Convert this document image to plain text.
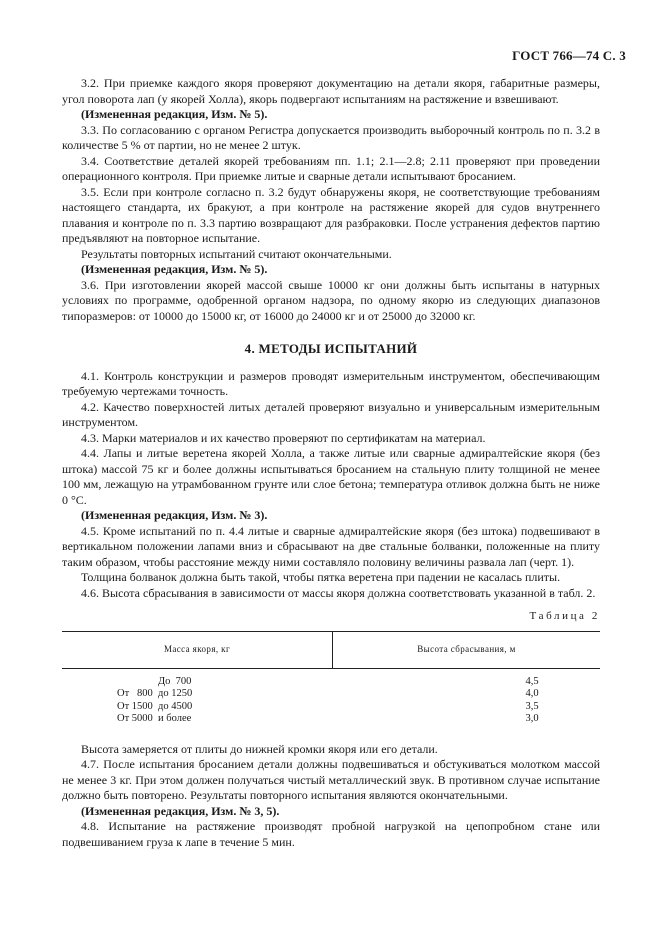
ГОСТ 766—74 С. 3

3.2. При приемке каждого якоря проверяют документацию на детали якоря, габаритные размеры, угол поворота лап (у якорей Холла), якорь подвергают испытаниям на растяжение и взвешивают.

(Измененная редакция, Изм. № 5).

3.3. По согласованию с органом Регистра допускается производить выборочный контроль по п. 3.2 в количестве 5 % от партии, но не менее 2 штук.

3.4. Соответствие деталей якорей требованиям пп. 1.1; 2.1—2.8; 2.11 проверяют при проведении операционного контроля. При приемке литые и сварные детали испытывают бросанием.

3.5. Если при контроле согласно п. 3.2 будут обнаружены якоря, не соответствующие требованиям настоящего стандарта, их бракуют, а при контроле на растяжение якорей для судов внутреннего плавания и контроле по п. 3.3 партию возвращают для разбраковки. После устранения дефектов партию предъявляют на повторное испытание.

Результаты повторных испытаний считают окончательными.

(Измененная редакция, Изм. № 5).

3.6. При изготовлении якорей массой свыше 10000 кг они должны быть испытаны в натурных условиях по программе, одобренной органом надзора, по одному якорю из следующих диапазонов типоразмеров: от 10000 до 15000 кг, от 16000 до 24000 кг и от 25000 до 32000 кг.

4. МЕТОДЫ ИСПЫТАНИЙ

4.1. Контроль конструкции и размеров проводят измерительным инструментом, обеспечивающим требуемую чертежами точность.

4.2. Качество поверхностей литых деталей проверяют визуально и универсальным измерительным инструментом.

4.3. Марки материалов и их качество проверяют по сертификатам на материал.

4.4. Лапы и литые веретена якорей Холла, а также литые или сварные адмиралтейские якоря (без штока) массой 75 кг и более должны испытываться бросанием на стальную плиту толщиной не менее 100 мм, лежащую на утрамбованном грунте или слое бетона; температура отливок должна быть не ниже 0 °С.

(Измененная редакция, Изм. № 3).

4.5. Кроме испытаний по п. 4.4 литые и сварные адмиралтейские якоря (без штока) подвешивают в вертикальном положении лапами вниз и сбрасывают на две стальные болванки, положенные на плиту таким образом, чтобы расстояние между ними составляло половину величины развала лап (черт. 1).

Толщина болванок должна быть такой, чтобы пятка веретена при падении не касалась плиты.

4.6. Высота сбрасывания в зависимости от массы якоря должна соответствовать указанной в табл. 2.

Таблица 2
Масса якоря, кг	Высота сбрасывания, м
До  700	4,5
От   800  до 1250	4,0
От 1500  до 4500	3,5
От 5000  и более	3,0

Высота замеряется от плиты до нижней кромки якоря или его детали.

4.7. После испытания бросанием детали должны подвешиваться и обстукиваться молотком массой не менее 3 кг. При этом должен получаться чистый металлический звук. В противном случае испытание должно быть повторено. Результаты повторного испытания являются окончательными.

(Измененная редакция, Изм. № 3, 5).

4.8. Испытание на растяжение производят пробной нагрузкой на цепопробном стане или подвешиванием груза к лапе в течение 5 мин.
